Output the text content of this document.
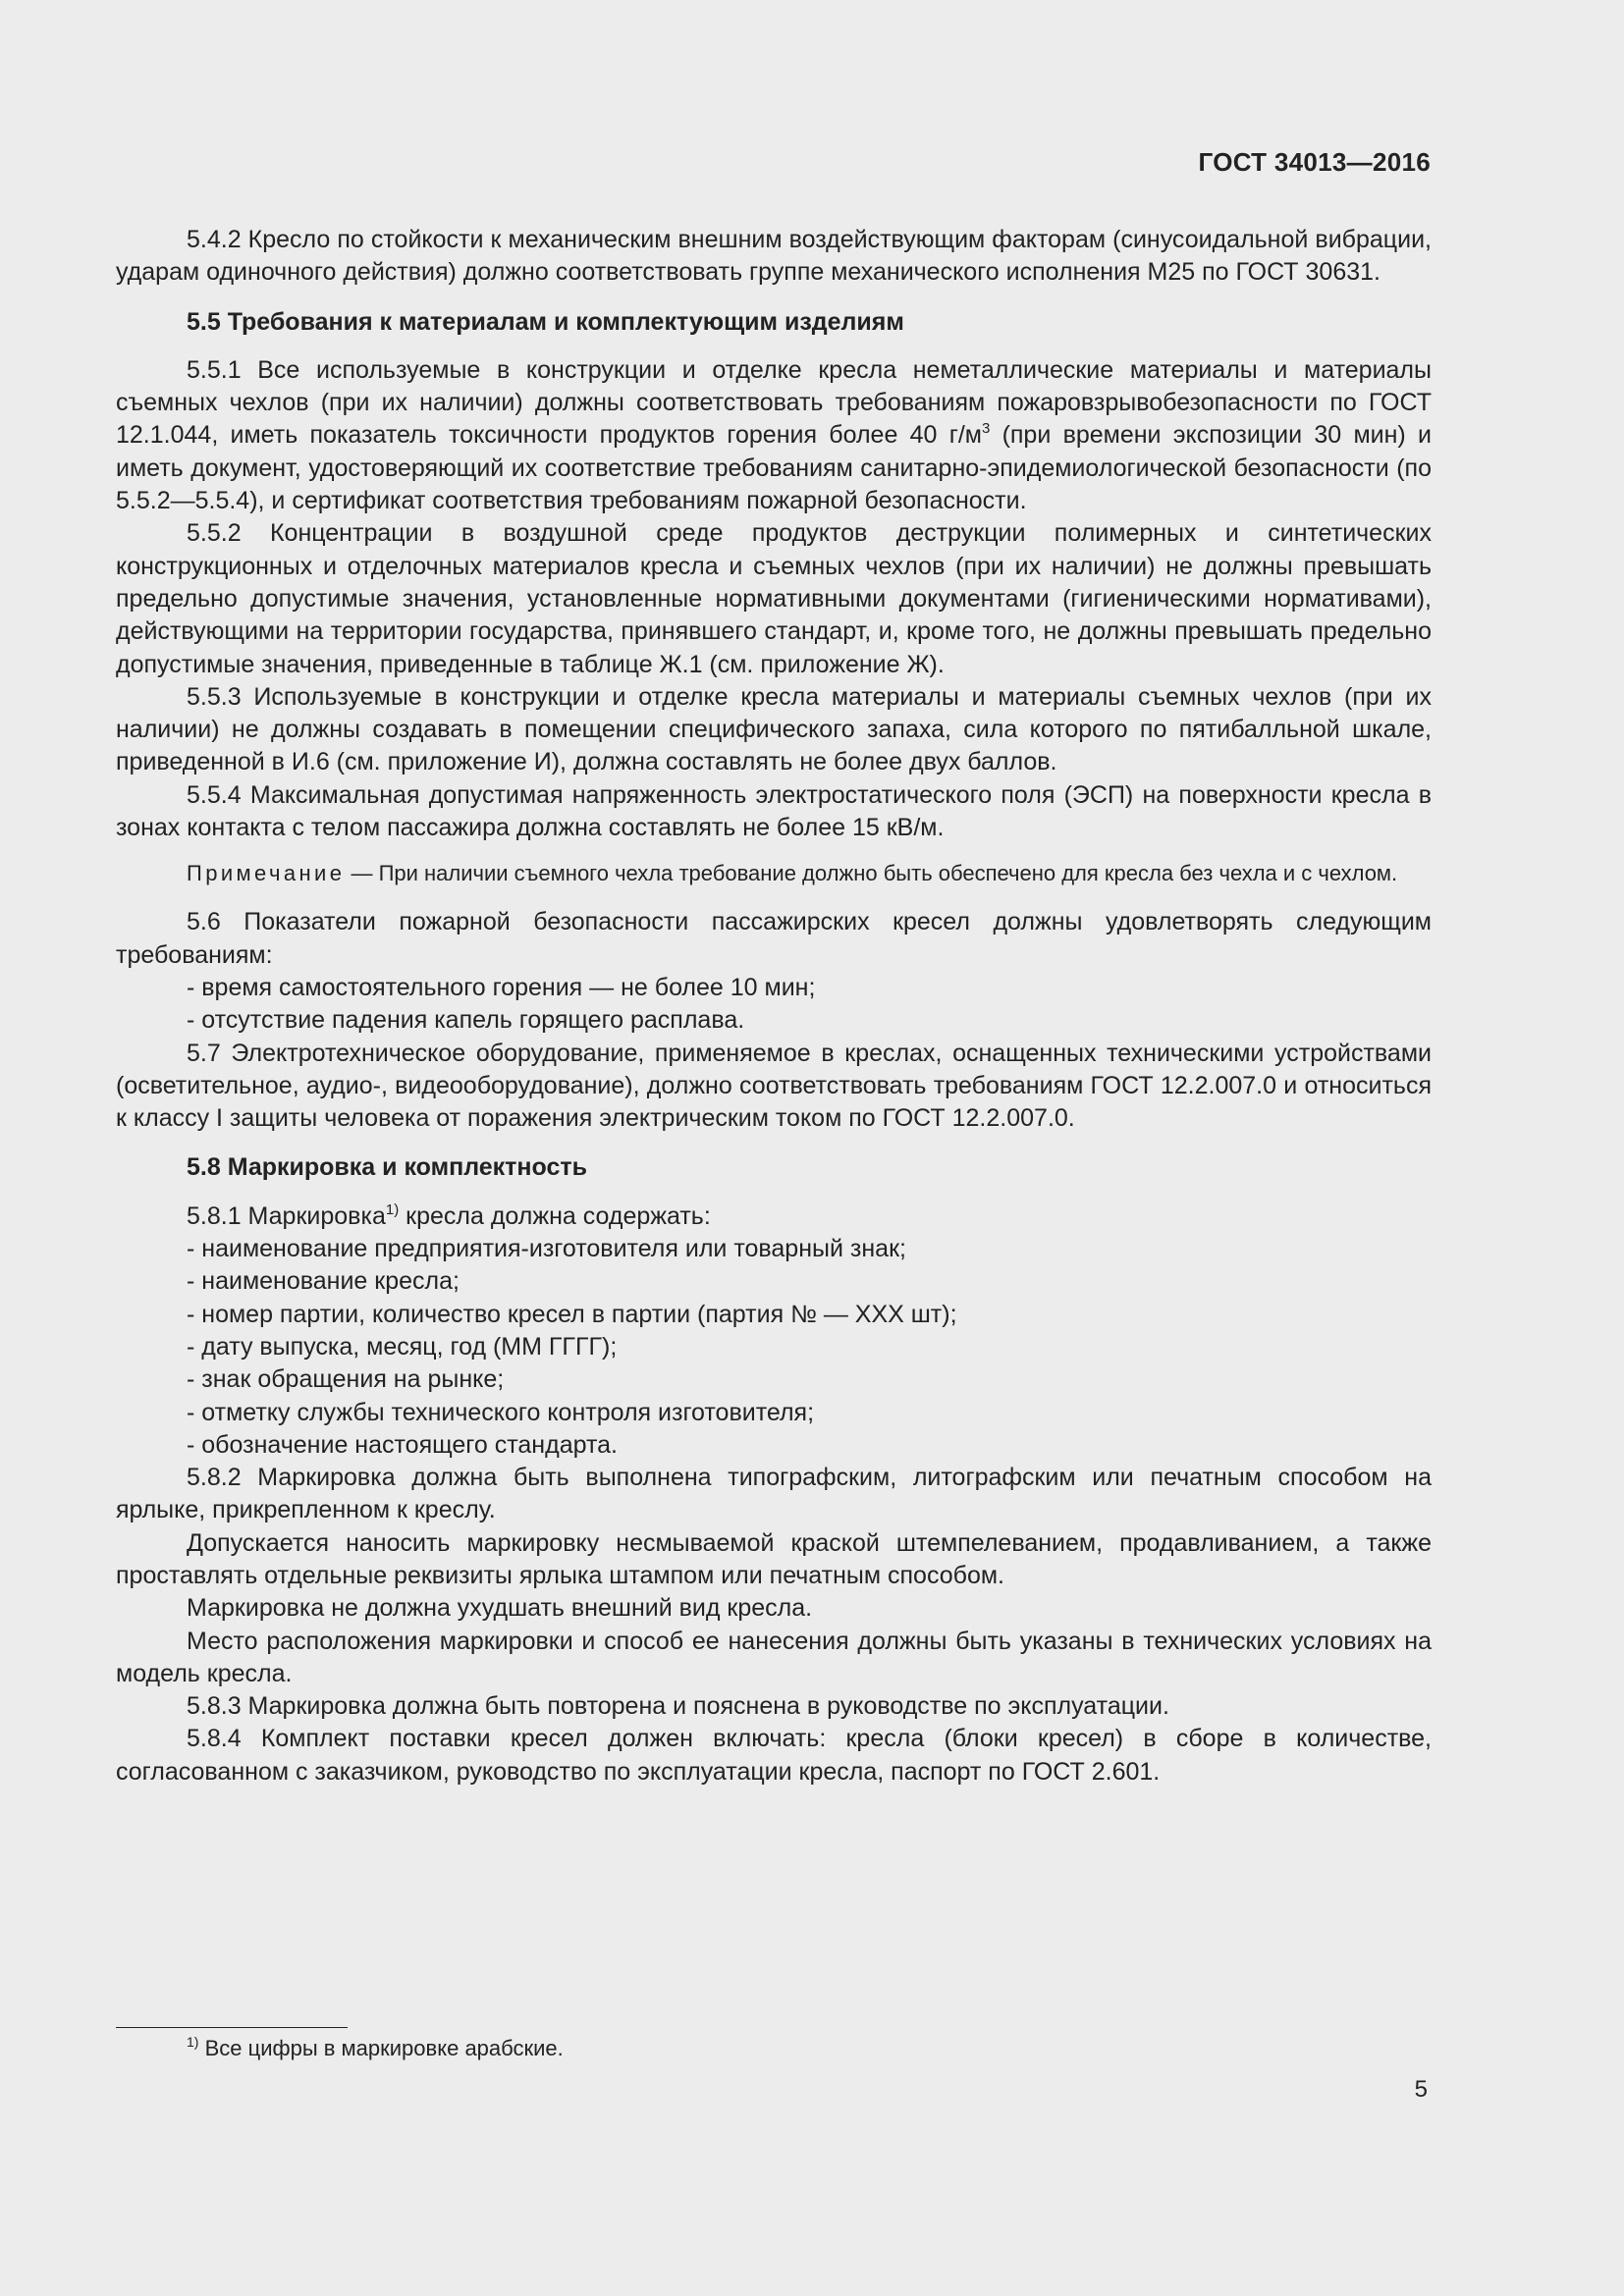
ГОСТ 34013—2016

5.4.2 Кресло по стойкости к механическим внешним воздействующим факторам (синусоидальной вибрации, ударам одиночного действия) должно соответствовать группе механического исполнения М25 по ГОСТ 30631.

5.5 Требования к материалам и комплектующим изделиям

5.5.1 Все используемые в конструкции и отделке кресла неметаллические материалы и материалы съемных чехлов (при их наличии) должны соответствовать требованиям пожаровзрывобезопасности по ГОСТ 12.1.044, иметь показатель токсичности продуктов горения более 40 $г/м^3$ (при времени экспозиции 30 мин) и иметь документ, удостоверяющий их соответствие требованиям санитарно-эпидемиологической безопасности (по 5.5.2—5.5.4), и сертификат соответствия требованиям пожарной безопасности.

5.5.2 Концентрации в воздушной среде продуктов деструкции полимерных и синтетических конструкционных и отделочных материалов кресла и съемных чехлов (при их наличии) не должны превышать предельно допустимые значения, установленные нормативными документами (гигиеническими нормативами), действующими на территории государства, принявшего стандарт, и, кроме того, не должны превышать предельно допустимые значения, приведенные в таблице Ж.1 (см. приложение Ж).

5.5.3 Используемые в конструкции и отделке кресла материалы и материалы съемных чехлов (при их наличии) не должны создавать в помещении специфического запаха, сила которого по пятибалльной шкале, приведенной в И.6 (см. приложение И), должна составлять не более двух баллов.

5.5.4 Максимальная допустимая напряженность электростатического поля (ЭСП) на поверхности кресла в зонах контакта с телом пассажира должна составлять не более 15 кВ/м.

Примечание — При наличии съемного чехла требование должно быть обеспечено для кресла без чехла и с чехлом.

5.6 Показатели пожарной безопасности пассажирских кресел должны удовлетворять следующим требованиям:

- время самостоятельного горения — не более 10 мин;

- отсутствие падения капель горящего расплава.

5.7 Электротехническое оборудование, применяемое в креслах, оснащенных техническими устройствами (осветительное, аудио-, видеооборудование), должно соответствовать требованиям ГОСТ 12.2.007.0 и относиться к классу I защиты человека от поражения электрическим током по ГОСТ 12.2.007.0.

5.8 Маркировка и комплектность

5.8.1 Маркировка$^{1)}$ кресла должна содержать:

- наименование предприятия-изготовителя или товарный знак;

- наименование кресла;

- номер партии, количество кресел в партии (партия № — XXX шт);

- дату выпуска, месяц, год (ММ ГГГГ);

- знак обращения на рынке;

- отметку службы технического контроля изготовителя;

- обозначение настоящего стандарта.

5.8.2 Маркировка должна быть выполнена типографским, литографским или печатным способом на ярлыке, прикрепленном к креслу.

Допускается наносить маркировку несмываемой краской штемпелеванием, продавливанием, а также проставлять отдельные реквизиты ярлыка штампом или печатным способом.

Маркировка не должна ухудшать внешний вид кресла.

Место расположения маркировки и способ ее нанесения должны быть указаны в технических условиях на модель кресла.

5.8.3 Маркировка должна быть повторена и пояснена в руководстве по эксплуатации.

5.8.4 Комплект поставки кресел должен включать: кресла (блоки кресел) в сборе в количестве, согласованном с заказчиком, руководство по эксплуатации кресла, паспорт по ГОСТ 2.601.

$^{1)}$ Все цифры в маркировке арабские.
5
